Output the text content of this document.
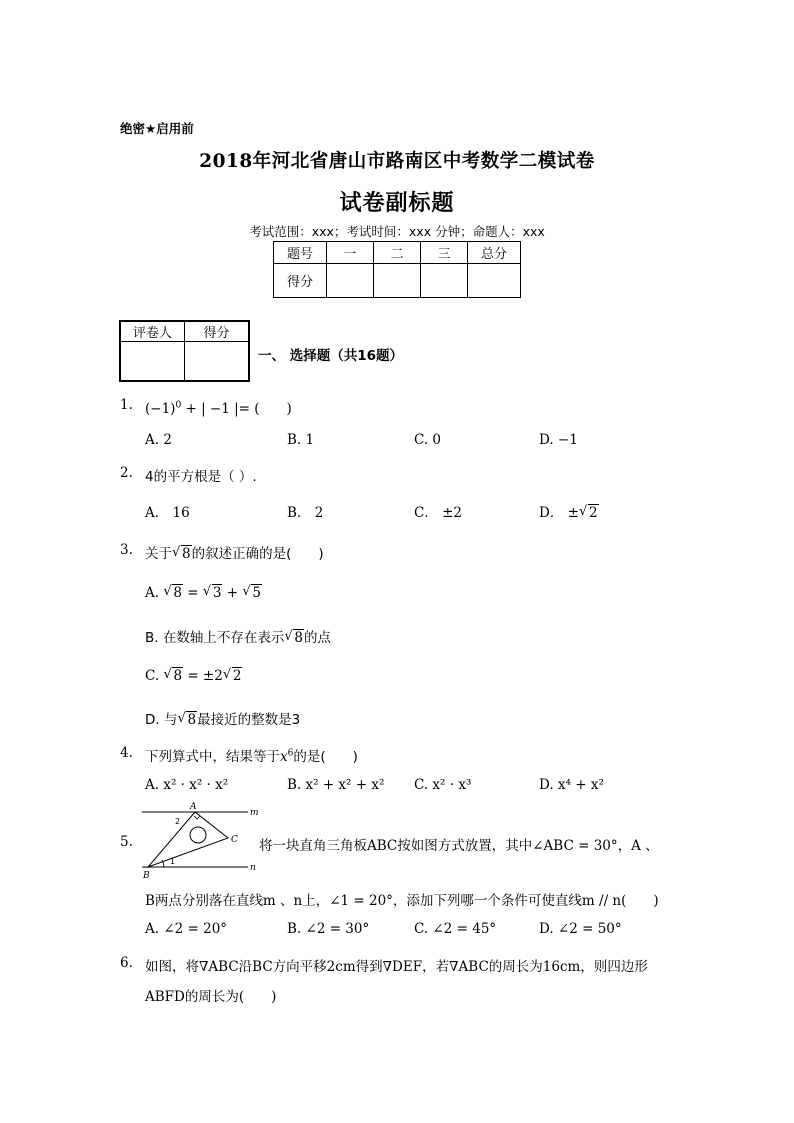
绝密★启用前
2018年河北省唐山市路南区中考数学二模试卷
试卷副标题
考试范围：xxx；考试时间：xxx 分钟；命题人：xxx
题号	一	二	三	总分
得分				
评卷人	得分

一、 选择题（共16题）
1. $(-1)^0$ + | −1 |= (　　)
A. 2	B. 1	C. 0	D. −1
2. 4的平方根是（ ）.
A． 16	B． 2	C． ±2	D． ± √ 2
3. 关于 √ 8的叙述正确的是(　　)
A. √ 8 = √ 3 + √ 5
B. 在数轴上不存在表示 √ 8的点
C. √ 8 = ±2 √ 2
D. 与 √ 8最接近的整数是3
4. 下列算式中，结果等于$x^6$的是(　　)
A. x² · x² · x²	B. x² + x² + x² C. x² · x³	D. x⁴ + x²
5.
A
B
C
m
n
1
2
将一块直角三角板ABC按如图方式放置，其中∠ABC = 30°，A 、
B两点分别落在直线m 、n上，∠1 = 20°，添加下列哪一个条件可使直线m // n(　　)
A. ∠2 = 20°	B. ∠2 = 30°	C. ∠2 = 45°	D. ∠2 = 50°
6. 如图，将∇ABC沿BC方向平移2cm得到∇DEF，若∇ABC的周长为16cm，则四边形
ABFD的周长为(　　)
